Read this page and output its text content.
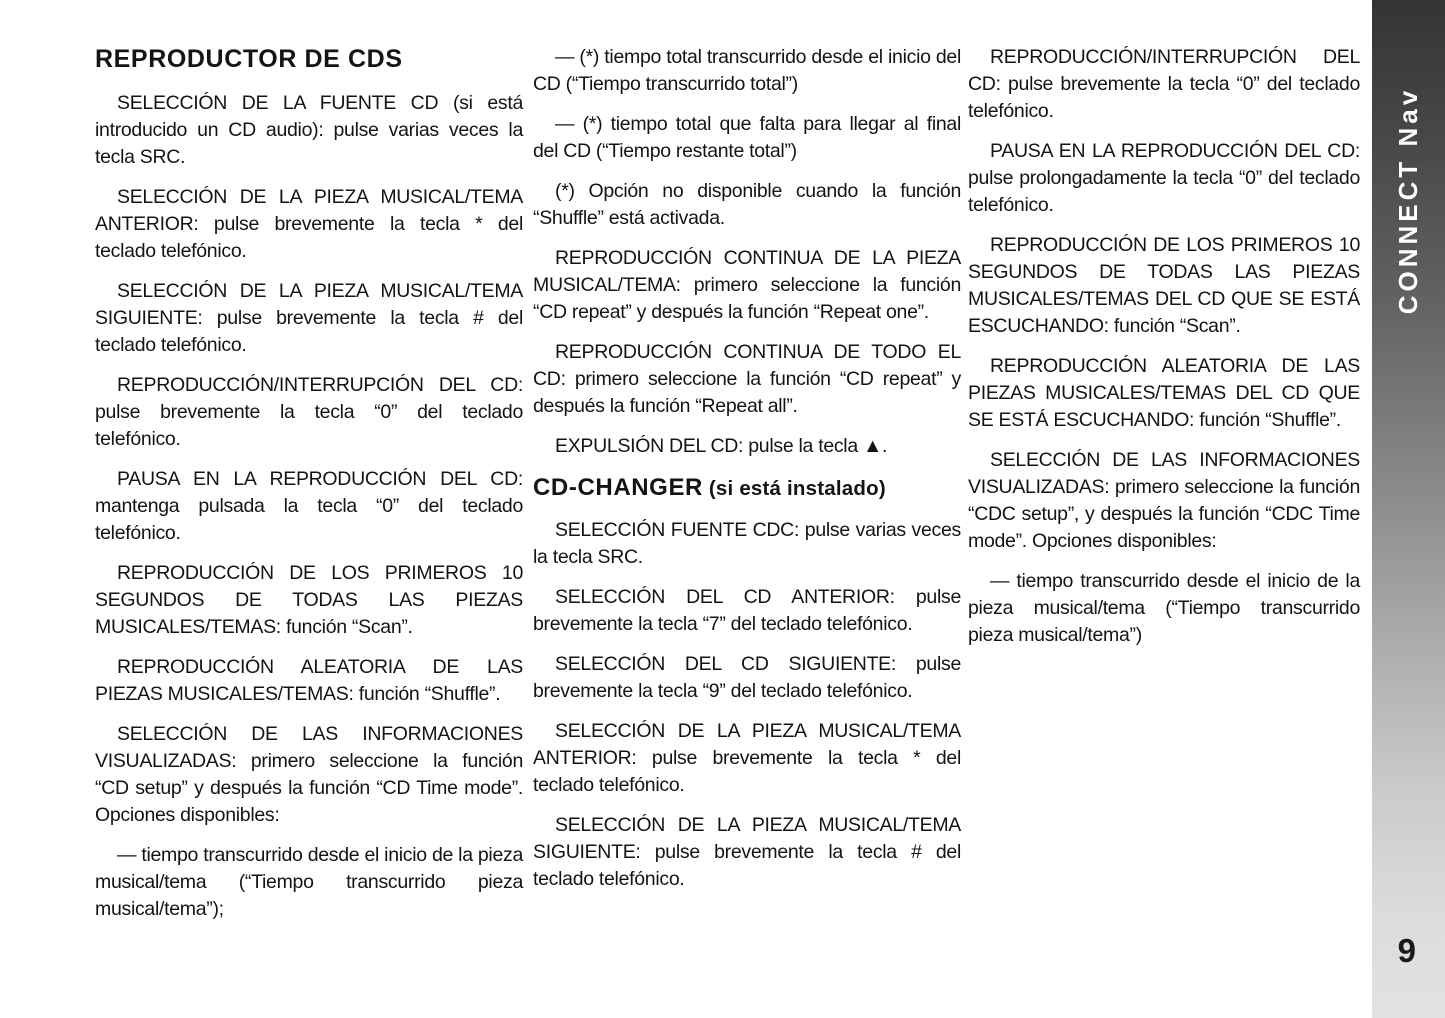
REPRODUCTOR DE CDS

SELECCIÓN DE LA FUENTE CD (si está introducido un CD audio): pulse varias veces la tecla SRC.

SELECCIÓN DE LA PIEZA MUSICAL/TEMA ANTERIOR: pulse brevemente la tecla * del teclado telefónico.

SELECCIÓN DE LA PIEZA MUSICAL/TEMA SIGUIENTE: pulse brevemente la tecla # del teclado telefónico.

REPRODUCCIÓN/INTERRUPCIÓN DEL CD: pulse brevemente la tecla “0” del teclado telefónico.

PAUSA EN LA REPRODUCCIÓN DEL CD: mantenga pulsada la tecla “0” del teclado telefónico.

REPRODUCCIÓN DE LOS PRIMEROS 10 SEGUNDOS DE TODAS LAS PIEZAS MUSICALES/TEMAS: función “Scan”.

REPRODUCCIÓN ALEATORIA DE LAS PIEZAS MUSICALES/TEMAS: función “Shuffle”.

SELECCIÓN DE LAS INFORMACIONES VISUALIZADAS: primero seleccione la función “CD setup” y después la función “CD Time mode”. Opciones disponibles:

— tiempo transcurrido desde el inicio de la pieza musical/tema (“Tiempo transcurrido pieza musical/tema”);

— (*) tiempo total transcurrido desde el inicio del CD (“Tiempo transcurrido total”)

— (*) tiempo total que falta para llegar al final del CD (“Tiempo restante total”)

(*) Opción no disponible cuando la función “Shuffle” está activada.

REPRODUCCIÓN CONTINUA DE LA PIEZA MUSICAL/TEMA: primero seleccione la función “CD repeat” y después la función “Repeat one”.

REPRODUCCIÓN CONTINUA DE TODO EL CD: primero seleccione la función “CD repeat” y después la función “Repeat all”.

EXPULSIÓN DEL CD: pulse la tecla ▲.

CD-CHANGER (si está instalado)

SELECCIÓN FUENTE CDC: pulse varias veces la tecla SRC.

SELECCIÓN DEL CD ANTERIOR: pulse brevemente la tecla “7” del teclado telefónico.

SELECCIÓN DEL CD SIGUIENTE: pulse brevemente la tecla “9” del teclado telefónico.

SELECCIÓN DE LA PIEZA MUSICAL/TEMA ANTERIOR: pulse brevemente la tecla * del teclado telefónico.

SELECCIÓN DE LA PIEZA MUSICAL/TEMA SIGUIENTE: pulse brevemente la tecla # del teclado telefónico.

REPRODUCCIÓN/INTERRUPCIÓN DEL CD: pulse brevemente la tecla “0” del teclado telefónico.

PAUSA EN LA REPRODUCCIÓN DEL CD: pulse prolongadamente la tecla “0” del teclado telefónico.

REPRODUCCIÓN DE LOS PRIMEROS 10 SEGUNDOS DE TODAS LAS PIEZAS MUSICALES/TEMAS DEL CD QUE SE ESTÁ ESCUCHANDO: función “Scan”.

REPRODUCCIÓN ALEATORIA DE LAS PIEZAS MUSICALES/TEMAS DEL CD QUE SE ESTÁ ESCUCHANDO: función “Shuffle”.

SELECCIÓN DE LAS INFORMACIONES VISUALIZADAS: primero seleccione la función “CDC setup”, y después la función “CDC Time mode”. Opciones disponibles:

— tiempo transcurrido desde el inicio de la pieza musical/tema (“Tiempo transcurrido pieza musical/tema”)

CONNECT Nav
9
